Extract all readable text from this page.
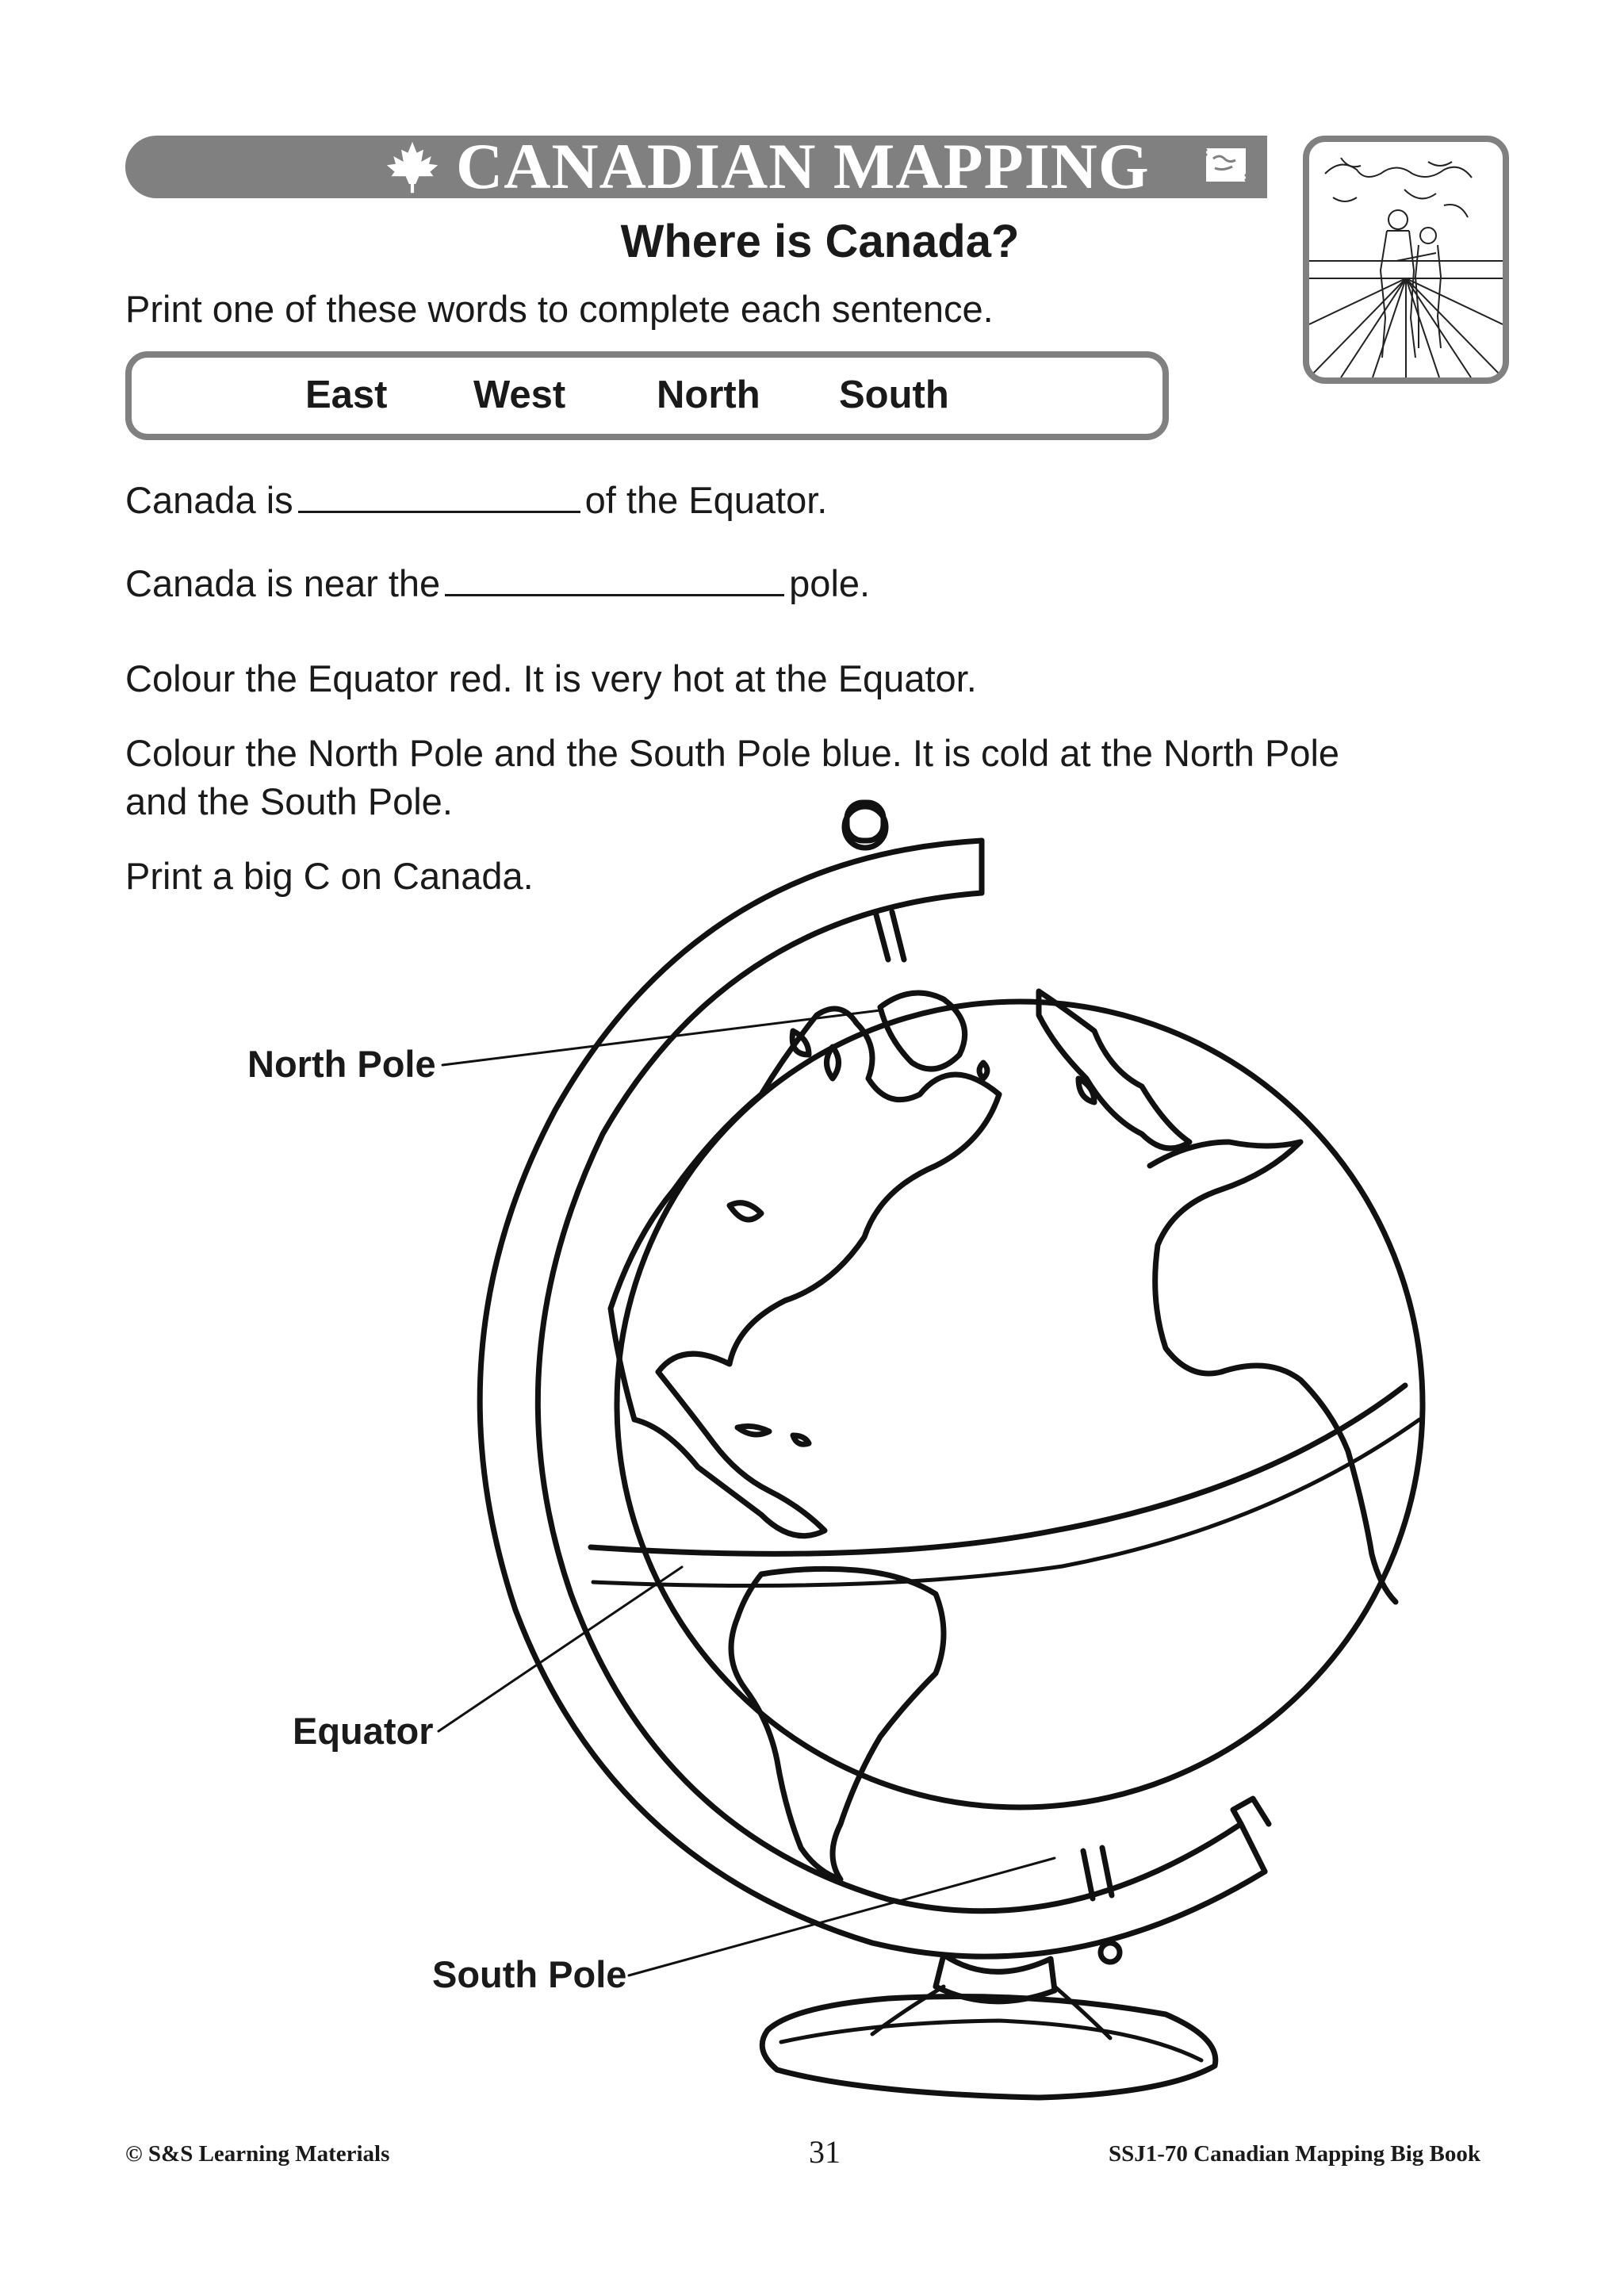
CANADIAN MAPPING
Where is Canada?
Print one of these words to complete each sentence.
East West North South
Canada is	of the Equator.
Canada is near the	pole.
Colour the Equator red. It is very hot at the Equator.
Colour the North Pole and the South Pole blue. It is cold at the North Pole
and the South Pole.
Print a big C on Canada.
North Pole
Equator
South Pole
© S&S Learning Materials	31	SSJ1-70 Canadian Mapping Big Book
